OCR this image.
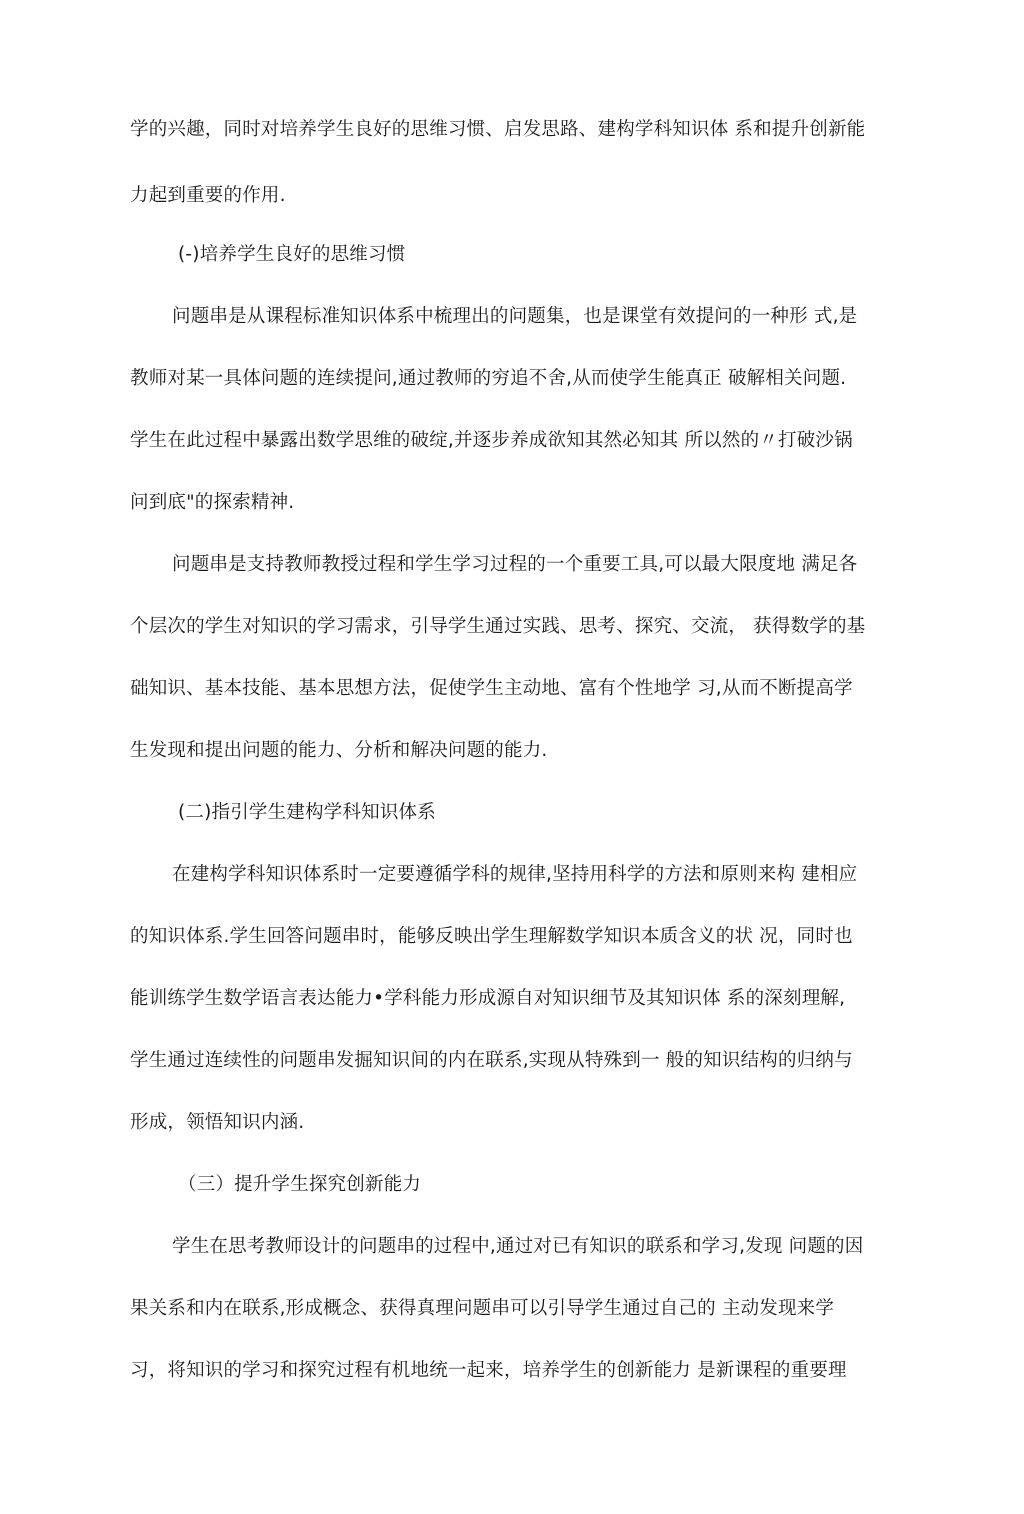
学的兴趣，同时对培养学生良好的思维习惯、启发思路、建构学科知识体 系和提升创新能
力起到重要的作用.
(-)培养学生良好的思维习惯
问题串是从课程标准知识体系中梳理出的问题集，也是课堂有效提问的一种形 式,是
教师对某一具体问题的连续提问,通过教师的穷追不舍,从而使学生能真正 破解相关问题.
学生在此过程中暴露出数学思维的破绽,并逐步养成欲知其然必知其 所以然的〃打破沙锅
问到底"的探索精神.
问题串是支持教师教授过程和学生学习过程的一个重要工具,可以最大限度地 满足各
个层次的学生对知识的学习需求，引导学生通过实践、思考、探究、交流， 获得数学的基
础知识、基本技能、基本思想方法，促使学生主动地、富有个性地学 习,从而不断提高学
生发现和提出问题的能力、分析和解决问题的能力.
(二)指引学生建构学科知识体系
在建构学科知识体系时一定要遵循学科的规律,坚持用科学的方法和原则来构 建相应
的知识体系.学生回答问题串时，能够反映出学生理解数学知识本质含义的状 况，同时也
能训练学生数学语言表达能力•学科能力形成源自对知识细节及其知识体 系的深刻理解,
学生通过连续性的问题串发掘知识间的内在联系,实现从特殊到一 般的知识结构的归纳与
形成，领悟知识内涵.
（三）提升学生探究创新能力
学生在思考教师设计的问题串的过程中,通过对已有知识的联系和学习,发现 问题的因
果关系和内在联系,形成概念、获得真理问题串可以引导学生通过自己的 主动发现来学
习，将知识的学习和探究过程有机地统一起来，培养学生的创新能力 是新课程的重要理
